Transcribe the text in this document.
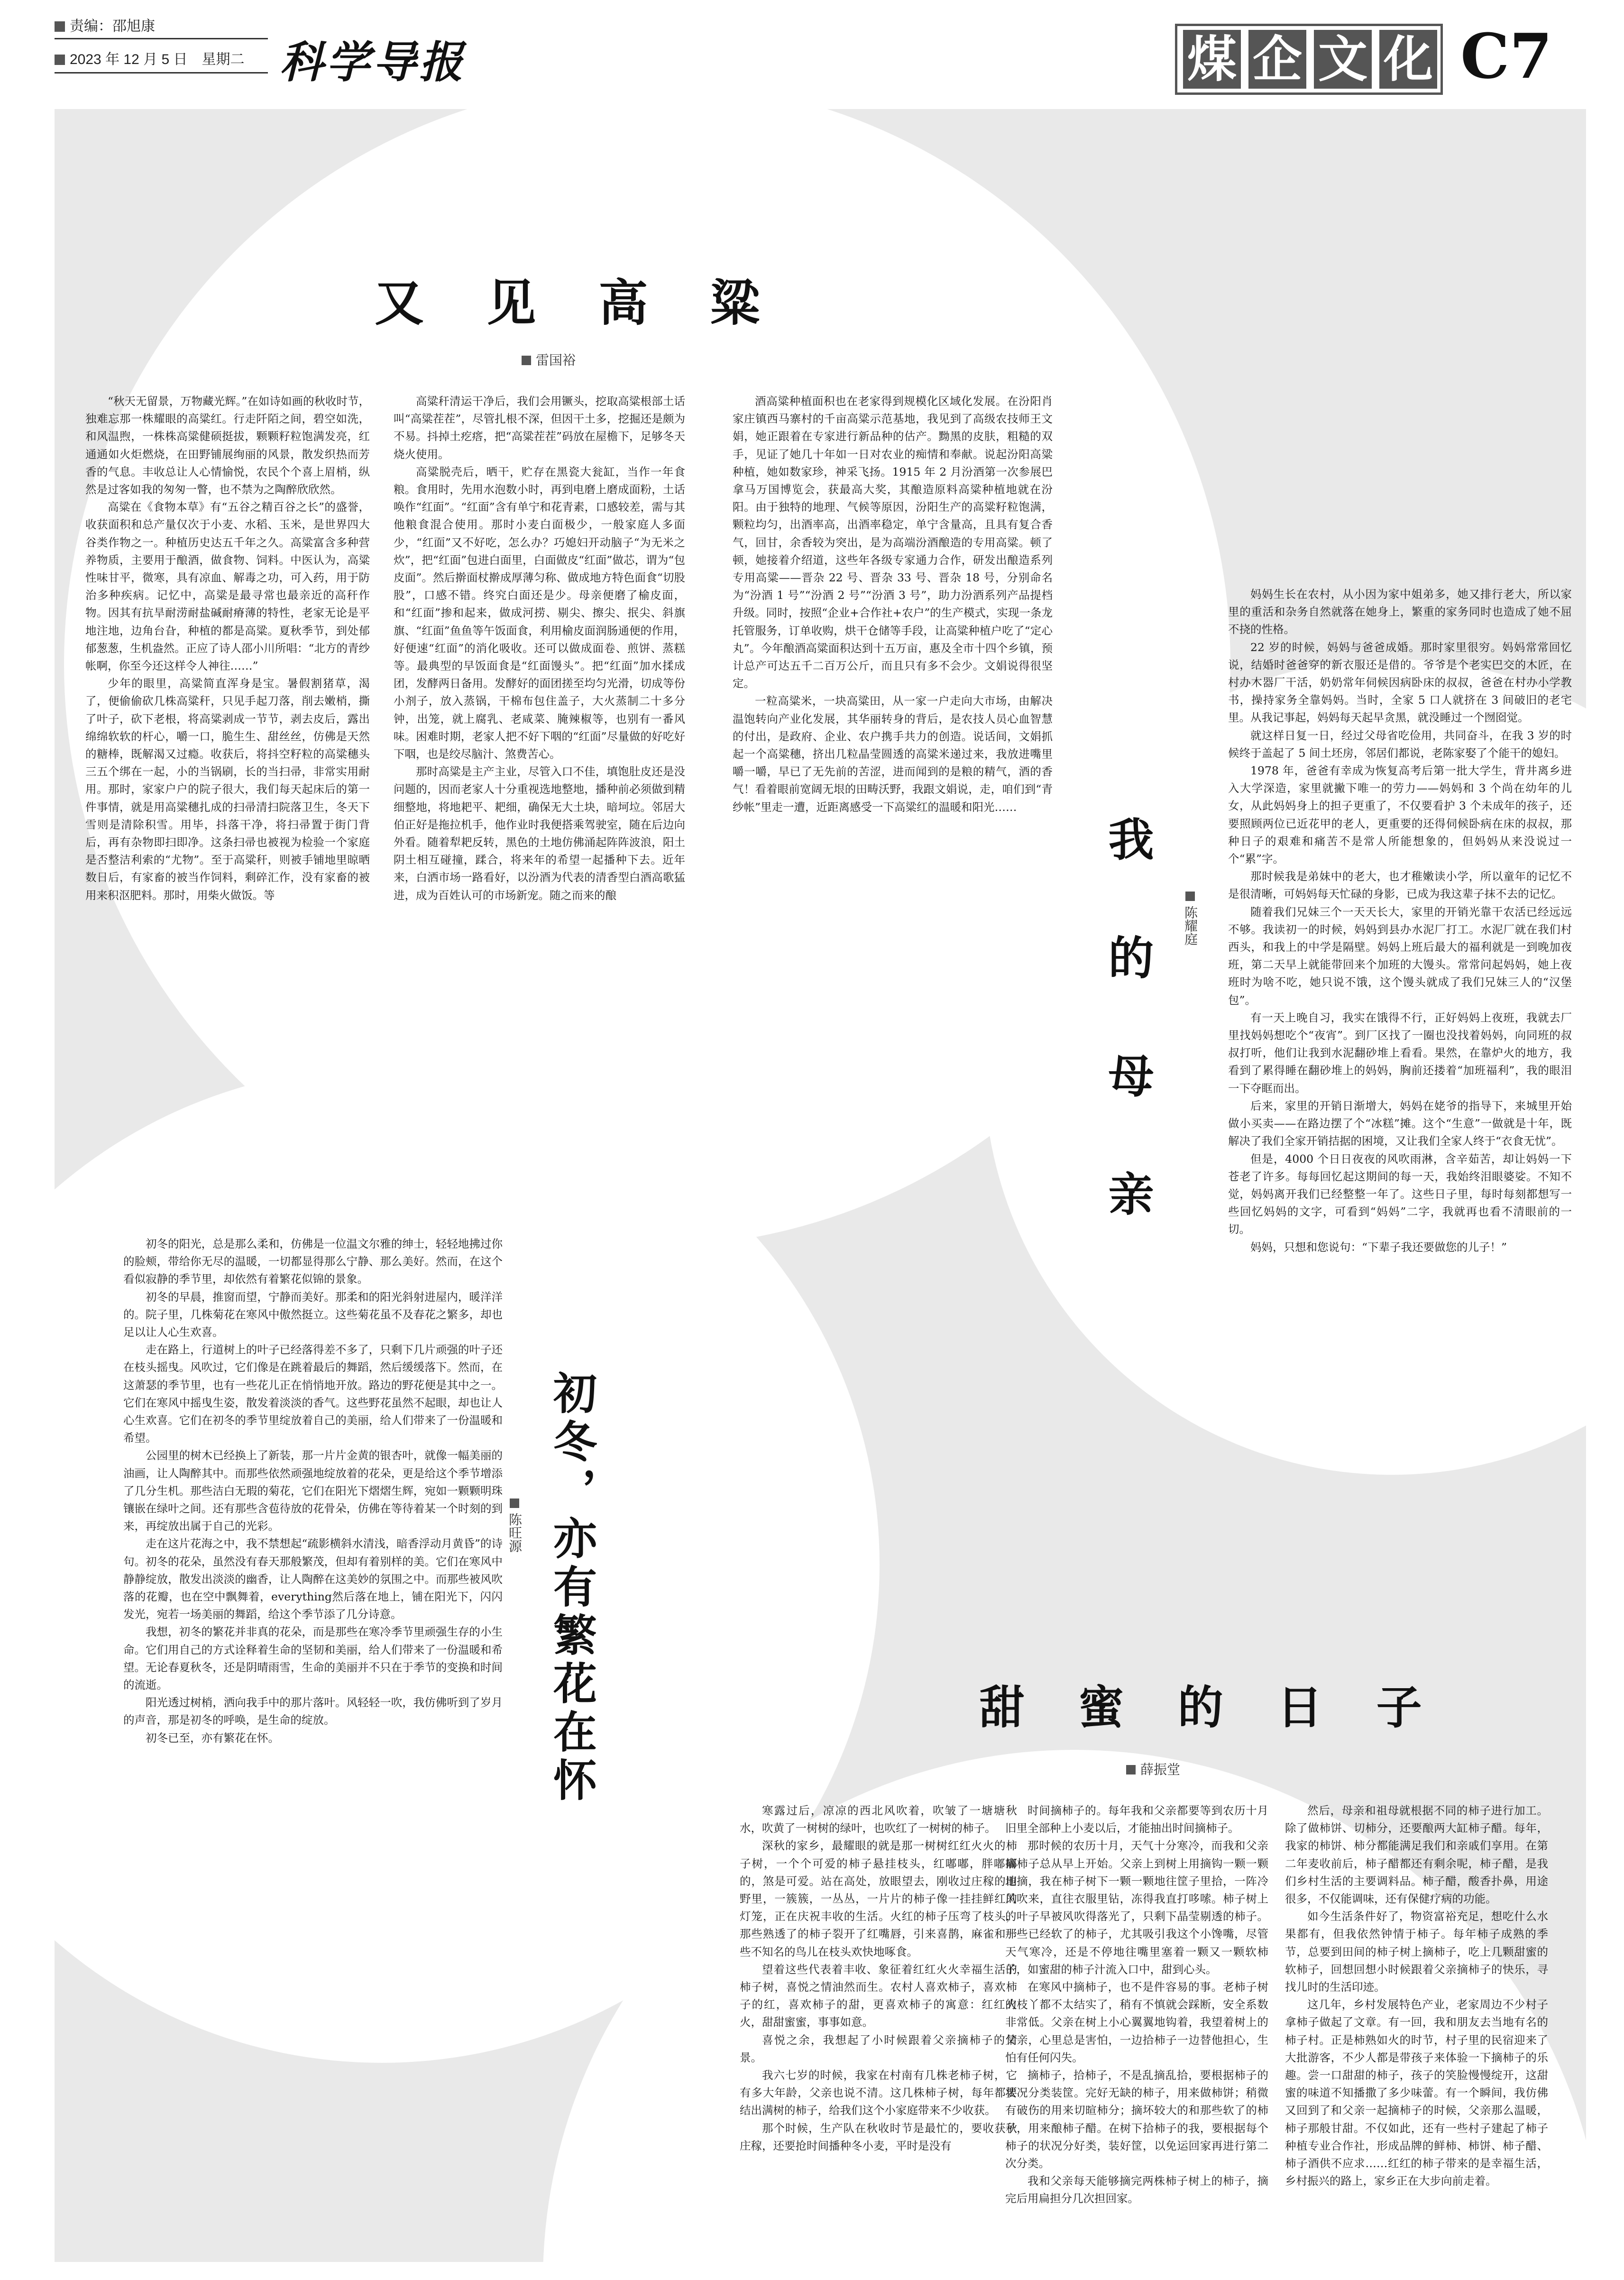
责编：邵旭康
2023 年 12 月 5 日　星期二 科学导报	煤 企 文 化 C7
又 见 高 粱
雷国裕

“秋天无留景，万物藏光辉。”在如诗如画的秋收时节，独难忘那一株耀眼的高粱红。行走阡陌之间，碧空如洗，和风温煦，一株株高粱健硕挺拔，颗颗籽粒饱满发亮，红通通如火炬燃烧，在田野铺展绚丽的风景，散发织热而芳香的气息。丰收总让人心情愉悦，农民个个喜上眉梢，纵然是过客如我的匆匆一瞥，也不禁为之陶醉欣欣然。

高粱在《食物本草》有“五谷之精百谷之长”的盛誉，收获面积和总产量仅次于小麦、水稻、玉米，是世界四大谷类作物之一。种植历史达五千年之久。高粱富含多种营养物质，主要用于酿酒，做食物、饲料。中医认为，高粱性味甘平，微寒，具有凉血、解毒之功，可入药，用于防治多种疾病。记忆中，高粱是最寻常也最亲近的高秆作物。因其有抗旱耐涝耐盐碱耐瘠薄的特性，老家无论是平地注地，边角台旮，种植的都是高粱。夏秋季节，到处郁郁葱葱，生机盎然。正应了诗人邵小川所唱：“北方的青纱帐啊，你至今还这样令人神往……”

少年的眼里，高粱简直浑身是宝。暑假割猪草，渴了，便偷偷砍几株高粱秆，只见手起刀落，削去嫩梢，撕了叶子，砍下老根，将高粱剥成一节节，剥去皮后，露出绵绵软软的杆心，嚼一口，脆生生、甜丝丝，仿佛是天然的糖棒，既解渴又过瘾。收获后，将抖空籽粒的高粱穗头三五个绑在一起，小的当锅刷，长的当扫帚，非常实用耐用。那时，家家户户的院子很大，我们每天起床后的第一件事情，就是用高粱穗扎成的扫帚清扫院落卫生，冬天下雪则是清除积雪。用毕，抖落干净，将扫帚置于街门背后，再有杂物即扫即净。这条扫帚也被视为检验一个家庭是否整洁利索的“尤物”。至于高粱秆，则被手铺地里晾晒数日后，有家畜的被当作饲料，剩碎汇作，没有家畜的被用来积沤肥料。那时，用柴火做饭。等

高粱秆清运干净后，我们会用镢头，挖取高粱根部土话叫“高粱茬茬”，尽管扎根不深，但因干土多，挖掘还是颇为不易。抖掉土疙瘩，把“高粱茬茬”码放在屋檐下，足够冬天烧火使用。

高粱脱壳后，晒干，贮存在黑瓷大瓮缸，当作一年食粮。食用时，先用水泡数小时，再到电磨上磨成面粉，土话唤作“红面”。“红面”含有单宁和花青素，口感较差，需与其他粮食混合使用。那时小麦白面极少，一般家庭人多面少，“红面”又不好吃，怎么办？巧媳妇开动脑子“为无米之炊”，把“红面”包进白面里，白面做皮“红面”做芯，谓为“包皮面”。然后擀面杖擀成厚薄匀称、做成地方特色面食“切股股”，口感不错。终究白面还是少。母亲便磨了榆皮面，和“红面”掺和起来，做成河捞、剔尖、擦尖、抿尖、斜旗旗、“红面”鱼鱼等午饭面食，利用榆皮面润肠通便的作用，好便速“红面”的消化吸收。还可以做成面卷、煎饼、蒸糕等。最典型的早饭面食是“红面馒头”。把“红面”加水揉成团，发酵两日备用。发酵好的面团搓至均匀光滑，切成等份小剂子，放入蒸锅，干棉布包住盖子，大火蒸制二十多分钟，出笼，就上腐乳、老咸菜、腌辣椒等，也别有一番风味。困难时期，老家人把不好下咽的“红面”尽量做的好吃好下咽，也是绞尽脑汁、煞费苦心。

那时高粱是主产主业，尽管入口不佳，填饱肚皮还是没问题的，因而老家人十分重视选地整地，播种前必须做到精细整地，将地耙平、耙细，确保无大土块，暗坷垃。邻居大伯正好是拖拉机手，他作业时我便搭乘驾驶室，随在后边向外看。随着犁耙反转，黑色的土地仿佛涌起阵阵波浪，阳土阴土相互碰撞，蹂合，将来年的希望一起播种下去。近年来，白洒市场一路看好，以汾酒为代表的清香型白酒高歌猛进，成为百姓认可的市场新宠。随之而来的酿

酒高粱种植面积也在老家得到规模化区域化发展。在汾阳肖家庄镇西马寨村的千亩高粱示范基地，我见到了高级农技师王文娟，她正跟着在专家进行新品种的估产。黝黑的皮肤，粗糙的双手，见证了她几十年如一日对农业的痴情和奉献。说起汾阳高粱种植，她如数家珍，神采飞扬。1915 年 2 月汾酒第一次参展巴拿马万国博览会，获最高大奖，其酿造原料高粱种植地就在汾阳。由于独特的地理、气候等原因，汾阳生产的高粱籽粒饱满，颗粒均匀，出酒率高，出酒率稳定，单宁含量高，且具有复合香气，回甘，余香较为突出，是为高端汾酒酿造的专用高粱。顿了顿，她接着介绍道，这些年各级专家通力合作，研发出酿造系列专用高粱——晋杂 22 号、晋杂 33 号、晋杂 18 号，分别命名为“汾酒 1 号”“汾酒 2 号”“汾酒 3 号”，助力汾酒系列产品提档升级。同时，按照“企业+合作社+农户”的生产模式，实现一条龙托管服务，订单收购，烘干仓储等手段，让高粱种植户吃了“定心丸”。今年酿酒高粱面积达到十五万亩，惠及全市十四个乡镇，预计总产可达五千二百万公斤，而且只有多不会少。文娟说得很坚定。

一粒高粱米，一块高粱田，从一家一户走向大市场，由解决温饱转向产业化发展，其华丽转身的背后，是农技人员心血智慧的付出，是政府、企业、农户携手共力的创造。说话间，文娟抓起一个高粱穗，挤出几粒晶莹圆透的高粱米递过来，我放进嘴里嚼一嚼，早已了无先前的苦涩，进而闻到的是粮的精气，酒的香气！看着眼前宽阔无垠的田畴沃野，我跟文娟说，走，咱们到“青纱帐”里走一遭，近距离感受一下高粱红的温暖和阳光……

我 的 母 亲	陈耀庭

妈妈生长在农村，从小因为家中姐弟多，她又排行老大，所以家里的重活和杂务自然就落在她身上，繁重的家务同时也造成了她不屈不挠的性格。

22 岁的时候，妈妈与爸爸成婚。那时家里很穷。妈妈常常回忆说，结婚时爸爸穿的新衣服还是借的。爷爷是个老实巴交的木匠，在村办木器厂干活，奶奶常年伺候因病卧床的叔叔，爸爸在村办小学教书，操持家务全靠妈妈。当时，全家 5 口人就挤在 3 间破旧的老宅里。从我记事起，妈妈每天起早贪黑，就没睡过一个囫囵觉。

就这样日复一日，经过父母省吃俭用，共同奋斗，在我 3 岁的时候终于盖起了 5 间土坯房，邻居们都说，老陈家娶了个能干的媳妇。

1978 年，爸爸有幸成为恢复高考后第一批大学生，背井离乡进入大学深造，家里就撇下唯一的劳力——妈妈和 3 个尚在幼年的儿女，从此妈妈身上的担子更重了，不仅要看护 3 个未成年的孩子，还要照顾两位已近花甲的老人，更重要的还得伺候卧病在床的叔叔，那种日子的艰难和痛苦不是常人所能想象的，但妈妈从来没说过一个“累”字。

那时候我是弟妹中的老大，也才稚嫩读小学，所以童年的记忆不是很清晰，可妈妈每天忙碌的身影，已成为我这辈子抹不去的记忆。

随着我们兄妹三个一天天长大，家里的开销光靠干农活已经远远不够。我读初一的时候，妈妈到县办水泥厂打工。水泥厂就在我们村西头，和我上的中学是隔壁。妈妈上班后最大的福利就是一到晚加夜班，第二天早上就能带回来个加班的大馒头。常常问起妈妈，她上夜班时为啥不吃，她只说不饿，这个馒头就成了我们兄妹三人的“汉堡包”。

有一天上晚自习，我实在饿得不行，正好妈妈上夜班，我就去厂里找妈妈想吃个“夜宵”。到厂区找了一圈也没找着妈妈，向同班的叔叔打听，他们让我到水泥翻砂堆上看看。果然，在靠炉火的地方，我看到了累得睡在翻砂堆上的妈妈，胸前还搂着“加班福利”，我的眼泪一下夺眶而出。

后来，家里的开销日渐增大，妈妈在姥爷的指导下，来城里开始做小买卖——在路边摆了个“冰糕”摊。这个“生意”一做就是十年，既解决了我们全家开销拮据的困境，又让我们全家人终于“衣食无忧”。

但是，4000 个日日夜夜的风吹雨淋，含辛茹苦，却让妈妈一下苍老了许多。每每回忆起这期间的每一天，我始终泪眼婆娑。不知不觉，妈妈离开我们已经整整一年了。这些日子里，每时每刻都想写一些回忆妈妈的文字，可看到“妈妈”二字，我就再也看不清眼前的一切。

妈妈，只想和您说句：“下辈子我还要做您的儿子！”

初冬，亦有繁花在怀
陈旺源

初冬的阳光，总是那么柔和，仿佛是一位温文尔雅的绅士，轻轻地拂过你的脸颊，带给你无尽的温暖，一切都显得那么宁静、那么美好。然而，在这个看似寂静的季节里，却依然有着繁花似锦的景象。

初冬的早晨，推窗而望，宁静而美好。那柔和的阳光斜射进屋内，暖洋洋的。院子里，几株菊花在寒风中傲然挺立。这些菊花虽不及春花之繁多，却也足以让人心生欢喜。

走在路上，行道树上的叶子已经落得差不多了，只剩下几片顽强的叶子还在枝头摇曳。风吹过，它们像是在跳着最后的舞蹈，然后缓缓落下。然而，在这萧瑟的季节里，也有一些花儿正在悄悄地开放。路边的野花便是其中之一。它们在寒风中摇曳生姿，散发着淡淡的香气。这些野花虽然不起眼，却也让人心生欢喜。它们在初冬的季节里绽放着自己的美丽，给人们带来了一份温暖和希望。

公园里的树木已经换上了新装，那一片片金黄的银杏叶，就像一幅美丽的油画，让人陶醉其中。而那些依然顽强地绽放着的花朵，更是给这个季节增添了几分生机。那些洁白无瑕的菊花，它们在阳光下熠熠生辉，宛如一颗颗明珠镶嵌在绿叶之间。还有那些含苞待放的花骨朵，仿佛在等待着某一个时刻的到来，再绽放出属于自己的光彩。

走在这片花海之中，我不禁想起“疏影横斜水清浅，暗香浮动月黄昏”的诗句。初冬的花朵，虽然没有春天那般繁茂，但却有着别样的美。它们在寒风中静静绽放，散发出淡淡的幽香，让人陶醉在这美妙的氛围之中。而那些被风吹落的花瓣，也在空中飘舞着，everything然后落在地上，铺在阳光下，闪闪发光，宛若一场美丽的舞蹈，给这个季节添了几分诗意。

我想，初冬的繁花并非真的花朵，而是那些在寒冷季节里顽强生存的小生命。它们用自己的方式诠释着生命的坚韧和美丽，给人们带来了一份温暖和希望。无论春夏秋冬，还是阴晴雨雪，生命的美丽并不只在于季节的变换和时间的流逝。

阳光透过树梢，洒向我手中的那片落叶。风轻轻一吹，我仿佛听到了岁月的声音，那是初冬的呼唤，是生命的绽放。

初冬已至，亦有繁花在怀。

甜 蜜 的 日 子
薛振堂

寒露过后，凉凉的西北风吹着，吹皱了一塘塘秋水，吹黄了一树树的绿叶，也吹红了一树树的柿子。

深秋的家乡，最耀眼的就是那一树树红红火火的柿子树，一个个可爱的柿子悬挂枝头，红嘟嘟，胖嘟嘟的，煞是可爱。站在高处，放眼望去，刚收过庄稼的田野里，一簇簇，一丛丛，一片片的柿子像一挂挂鲜红的灯笼，正在庆祝丰收的生活。火红的柿子压弯了枝头，那些熟透了的柿子裂开了红嘴唇，引来喜鹊，麻雀和一些不知名的鸟儿在枝头欢快地啄食。

望着这些代表着丰收、象征着红红火火幸福生活的柿子树，喜悦之情油然而生。农村人喜欢柿子，喜欢柿子的红，喜欢柿子的甜，更喜欢柿子的寓意：红红火火，甜甜蜜蜜，事事如意。

喜悦之余，我想起了小时候跟着父亲摘柿子的情景。

我六七岁的时候，我家在村南有几株老柿子树，它有多大年龄，父亲也说不清。这几株柿子树，每年都要结出满树的柿子，给我们这个小家庭带来不少收获。

那个时候，生产队在秋收时节是最忙的，要收获秋庄稼，还要抢时间播种冬小麦，平时是没有

时间摘柿子的。每年我和父亲都要等到农历十月旧里全部种上小麦以后，才能抽出时间摘柿子。

那时候的农历十月，天气十分寒冷，而我和父亲摘柿子总从早上开始。父亲上到树上用摘钩一颗一颗地摘，我在柿子树下一颗一颗地往筐子里拾，一阵冷风吹来，直往衣服里钻，冻得我直打哆嗦。柿子树上的叶子早被风吹得落光了，只剩下晶莹剔透的柿子。那些已经软了的柿子，尤其吸引我这个小馋嘴，尽管天气寒冷，还是不停地往嘴里塞着一颗又一颗软柿子，如蜜甜的柿子汁流入口中，甜到心头。

在寒风中摘柿子，也不是件容易的事。老柿子树的枝丫都不太结实了，稍有不慎就会踩断，安全系数非常低。父亲在树上小心翼翼地钩着，我望着树上的父亲，心里总是害怕，一边拾柿子一边替他担心，生怕有任何闪失。

摘柿子，拾柿子，不是乱摘乱拾，要根据柿子的状况分类装筐。完好无缺的柿子，用来做柿饼；稍微有破伤的用来切暄柿分；摘坏较大的和那些软了的柿子，用来酿柿子醋。在树下拾柿子的我，要根据每个柿子的状况分好类，装好筐，以免运回家再进行第二次分类。

我和父亲每天能够摘完两株柿子树上的柿子，摘完后用扁担分几次担回家。

然后，母亲和祖母就根据不同的柿子进行加工。除了做柿饼、切柿分，还要酿两大缸柿子醋。每年，我家的柿饼、柿分都能满足我们和亲戚们享用。在第二年麦收前后，柿子醋都还有剩余呢，柿子醋，是我们乡村生活的主要调料品。柿子醋，酸香扑鼻，用途很多，不仅能调味，还有保健疗病的功能。

如今生活条件好了，物资富裕充足，想吃什么水果都有，但我依然钟情于柿子。每年柿子成熟的季节，总要到田间的柿子树上摘柿子，吃上几颗甜蜜的软柿子，回想回想小时候跟着父亲摘柿子的快乐，寻找儿时的生活印迹。

这几年，乡村发展特色产业，老家周边不少村子拿柿子做起了文章。有一回，我和朋友去当地有名的柿子村。正是柿熟如火的时节，村子里的民宿迎来了大批游客，不少人都是带孩子来体验一下摘柿子的乐趣。尝一口甜甜的柿子，孩子的笑脸慢慢绽开，这甜蜜的味道不知播撒了多少味蕾。有一个瞬间，我仿佛又回到了和父亲一起摘柿子的时候，父亲那么温暖，柿子那般甘甜。不仅如此，还有一些村子建起了柿子种植专业合作社，形成品牌的鲜柿、柿饼、柿子醋、柿子酒供不应求……红红的柿子带来的是幸福生活，乡村振兴的路上，家乡正在大步向前走着。
